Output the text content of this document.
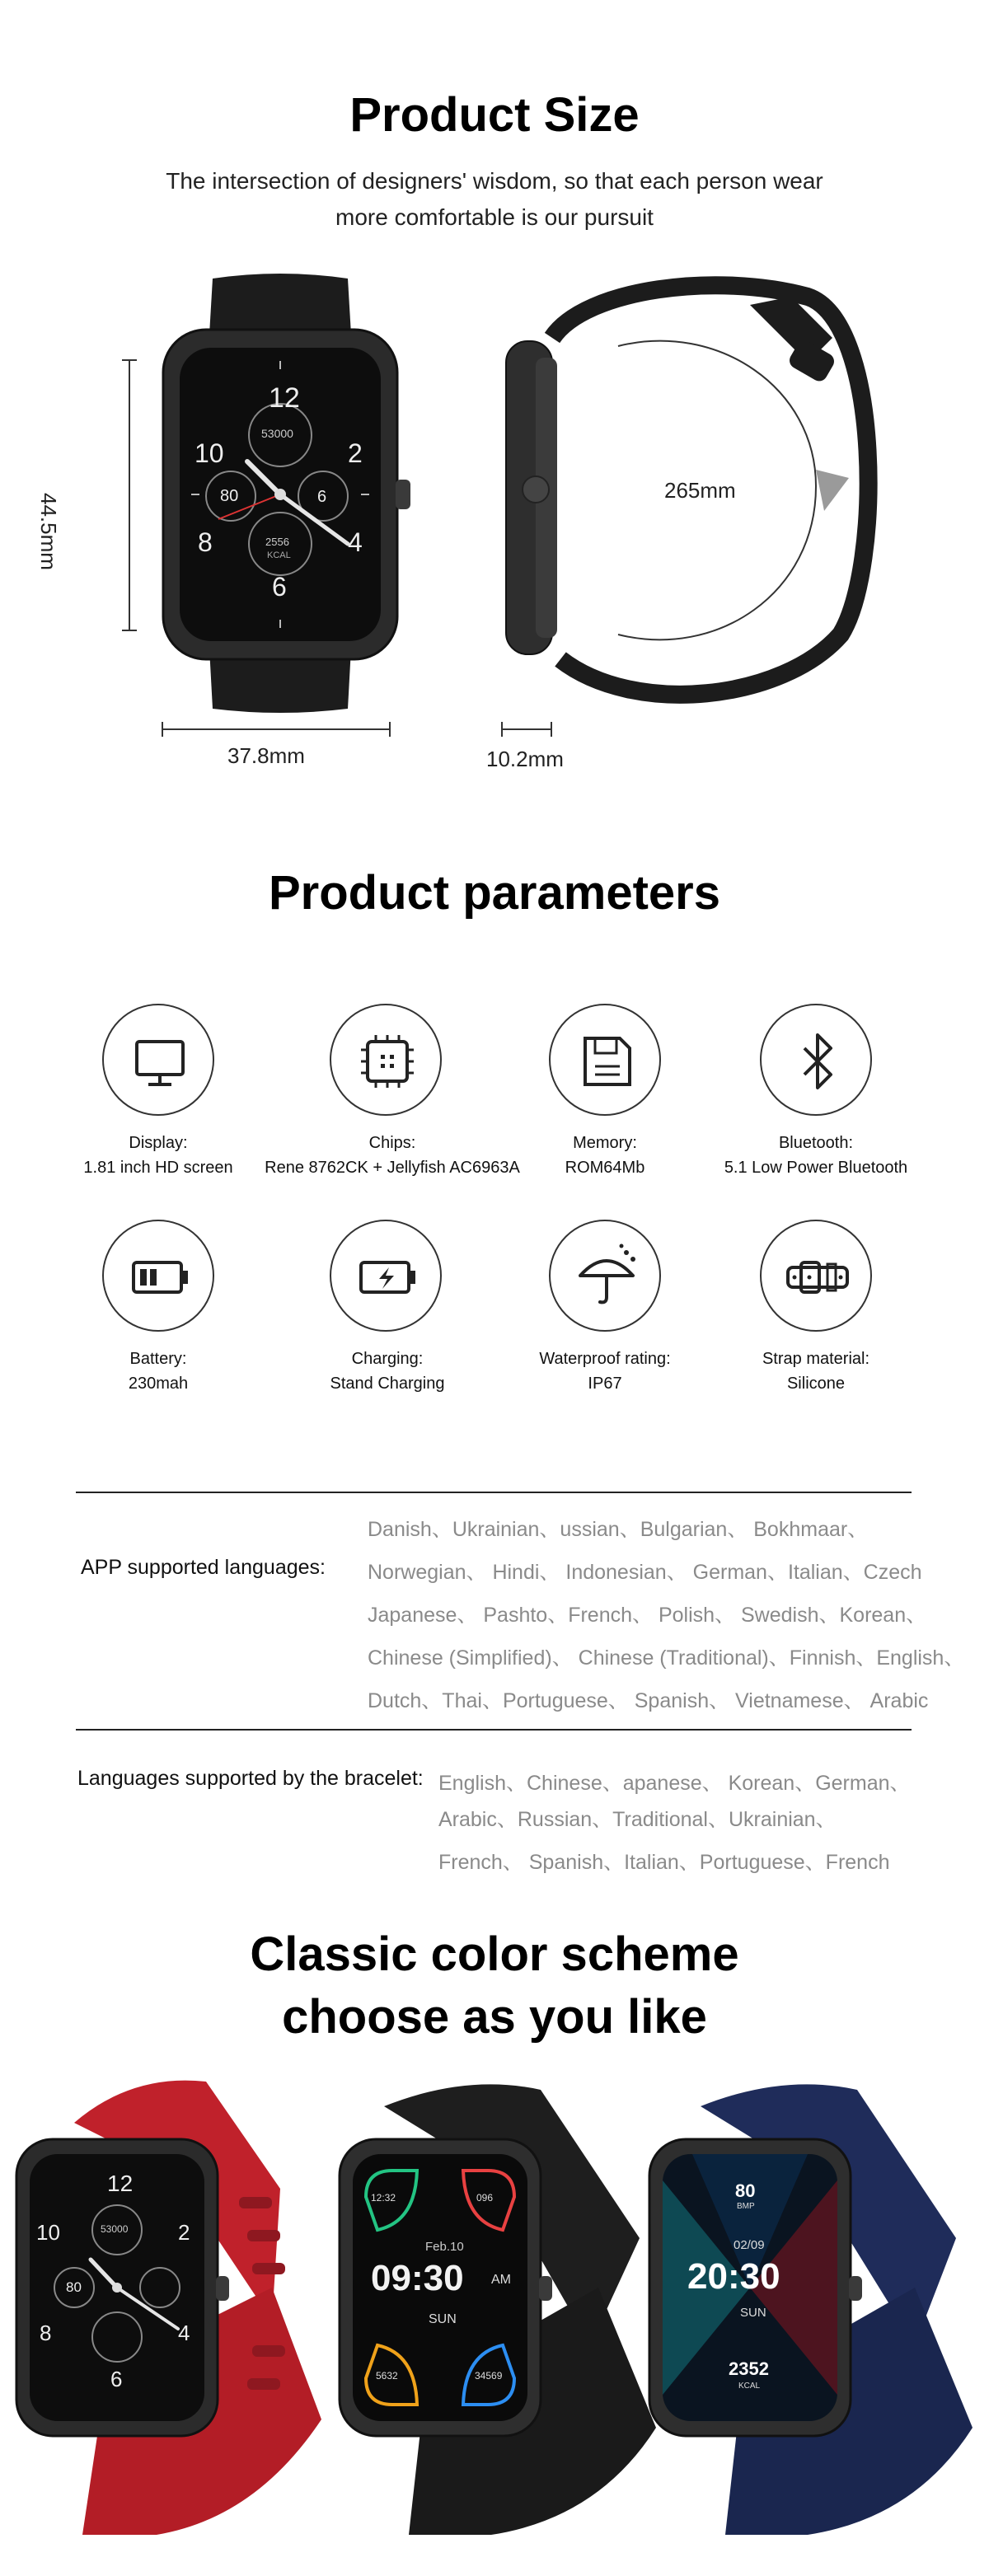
Product Size
The intersection of designers' wisdom, so that each person wear
more comfortable is our pursuit
12
2
4
6
8
10
53000
80	6
2556
KCAL
44.5mm
37.8mm
265mm
10.2mm
Product parameters
Display:
1.81 inch HD screen
Chips:
Rene 8762CK + Jellyfish AC6963A
Memory:
ROM64Mb
Bluetooth:
5.1 Low Power Bluetooth
Battery:
230mah
Charging:
Stand Charging
Waterproof rating:
IP67
Strap material:
Silicone
APP supported languages:
Danish、Ukrainian、ussian、Bulgarian、 Bokhmaar、
Norwegian、 Hindi、 Indonesian、 German、Italian、Czech
Japanese、 Pashto、French、 Polish、 Swedish、Korean、
Chinese (Simplified)、 Chinese (Traditional)、Finnish、English、
Dutch、Thai、Portuguese、 Spanish、 Vietnamese、 Arabic
Languages supported by the bracelet: English、Chinese、apanese、 Korean、German、
Arabic、Russian、Traditional、Ukrainian、
French、 Spanish、Italian、Portuguese、French
Classic color scheme
choose as you like
12
2
4
6
8
10	53000
80
12:32	096
Feb.10
09:30 AM
SUN
5632	34569
80
BMP
02/09
20:30
SUN
2352
KCAL
